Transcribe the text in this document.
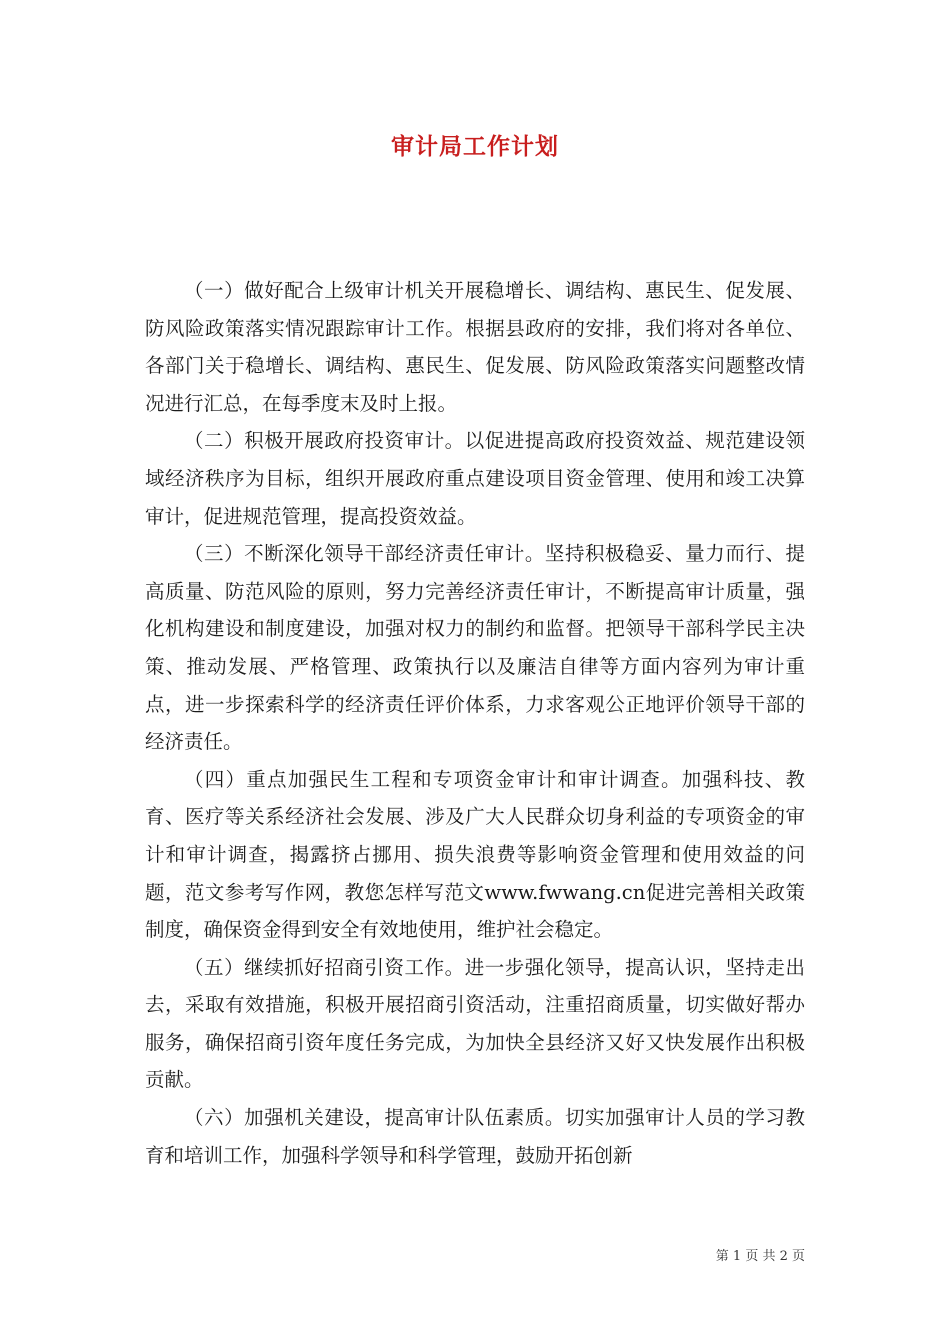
审计局工作计划

（一）做好配合上级审计机关开展稳增长、调结构、惠民生、促发展、防风险政策落实情况跟踪审计工作。根据县政府的安排，我们将对各单位、各部门关于稳增长、调结构、惠民生、促发展、防风险政策落实问题整改情况进行汇总，在每季度末及时上报。

（二）积极开展政府投资审计。以促进提高政府投资效益、规范建设领域经济秩序为目标，组织开展政府重点建设项目资金管理、使用和竣工决算审计，促进规范管理，提高投资效益。

（三）不断深化领导干部经济责任审计。坚持积极稳妥、量力而行、提高质量、防范风险的原则，努力完善经济责任审计，不断提高审计质量，强化机构建设和制度建设，加强对权力的制约和监督。把领导干部科学民主决策、推动发展、严格管理、政策执行以及廉洁自律等方面内容列为审计重点，进一步探索科学的经济责任评价体系，力求客观公正地评价领导干部的经济责任。

（四）重点加强民生工程和专项资金审计和审计调查。加强科技、教育、医疗等关系经济社会发展、涉及广大人民群众切身利益的专项资金的审计和审计调查，揭露挤占挪用、损失浪费等影响资金管理和使用效益的问题，范文参考写作网，教您怎样写范文www.fwwang.cn促进完善相关政策制度，确保资金得到安全有效地使用，维护社会稳定。

（五）继续抓好招商引资工作。进一步强化领导，提高认识，坚持走出去，采取有效措施，积极开展招商引资活动，注重招商质量，切实做好帮办服务，确保招商引资年度任务完成，为加快全县经济又好又快发展作出积极贡献。

（六）加强机关建设，提高审计队伍素质。切实加强审计人员的学习教育和培训工作，加强科学领导和科学管理，鼓励开拓创新

第 1 页 共 2 页
